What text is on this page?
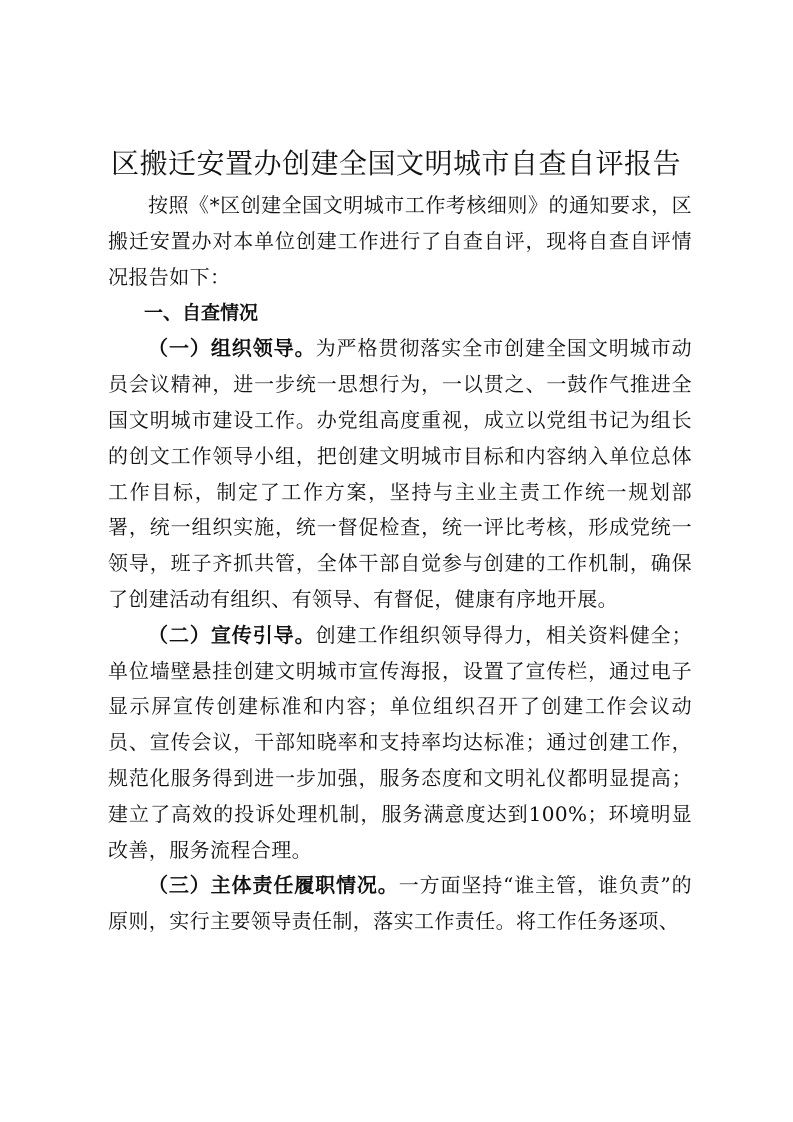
区搬迁安置办创建全国文明城市自查自评报告

按照《*区创建全国文明城市工作考核细则》的通知要求，区搬迁安置办对本单位创建工作进行了自查自评，现将自查自评情况报告如下：

一、自查情况

（一）组织领导。为严格贯彻落实全市创建全国文明城市动员会议精神，进一步统一思想行为，一以贯之、一鼓作气推进全国文明城市建设工作。办党组高度重视，成立以党组书记为组长的创文工作领导小组，把创建文明城市目标和内容纳入单位总体工作目标，制定了工作方案，坚持与主业主责工作统一规划部署，统一组织实施，统一督促检查，统一评比考核，形成党统一领导，班子齐抓共管，全体干部自觉参与创建的工作机制，确保了创建活动有组织、有领导、有督促，健康有序地开展。

（二）宣传引导。创建工作组织领导得力，相关资料健全；单位墙壁悬挂创建文明城市宣传海报，设置了宣传栏，通过电子显示屏宣传创建标准和内容；单位组织召开了创建工作会议动员、宣传会议，干部知晓率和支持率均达标准；通过创建工作，规范化服务得到进一步加强，服务态度和文明礼仪都明显提高；建立了高效的投诉处理机制，服务满意度达到100%；环境明显改善，服务流程合理。

（三）主体责任履职情况。一方面坚持“谁主管，谁负责”的原则，实行主要领导责任制，落实工作责任。将工作任务逐项、
